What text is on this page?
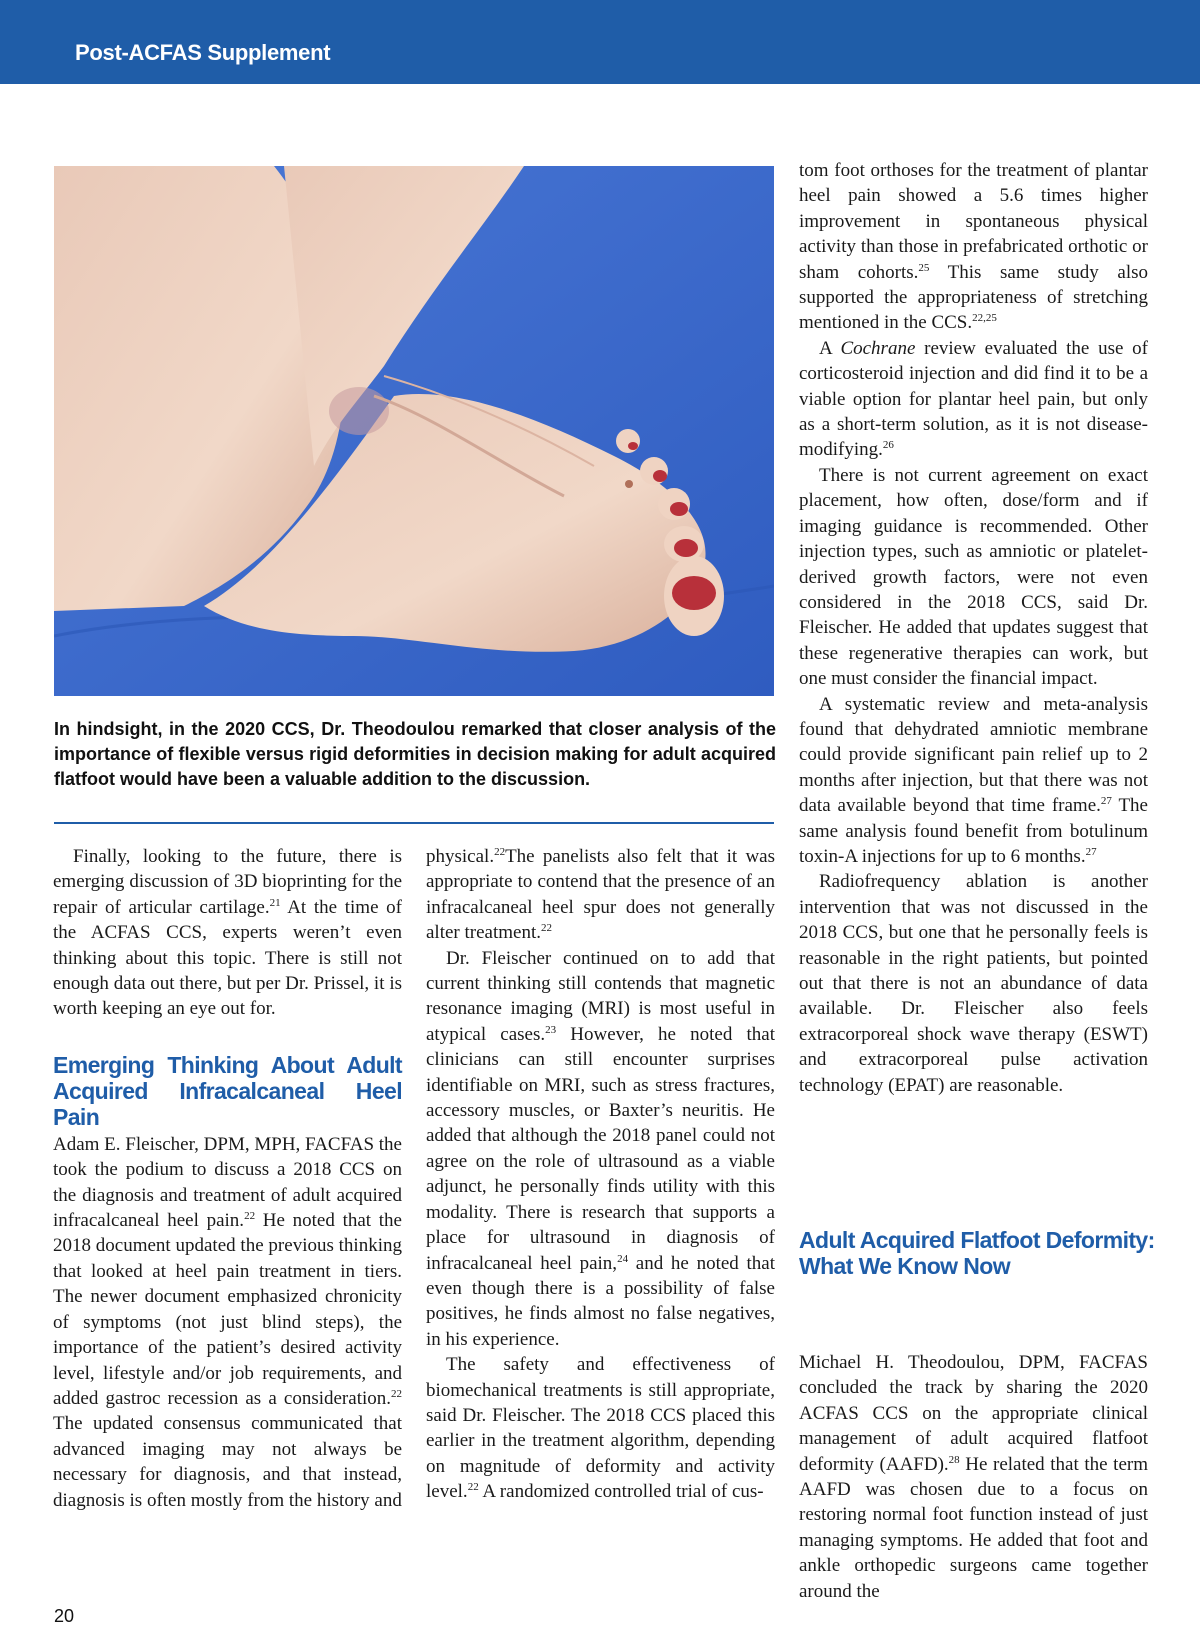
Post-ACFAS Supplement
In hindsight, in the 2020 CCS, Dr. Theodoulou remarked that closer analysis of the importance of flexible versus rigid deformities in decision making for adult acquired flatfoot would have been a valuable addition to the discussion.

Finally, looking to the future, there is emerging discussion of 3D bioprinting for the repair of articular cartilage.$^{21}$ At the time of the ACFAS CCS, experts weren’t even thinking about this topic. There is still not enough data out there, but per Dr. Prissel, it is worth keeping an eye out for.

Emerging Thinking About Adult Acquired Infracalcaneal Heel Pain

Adam E. Fleischer, DPM, MPH, FACFAS the took the podium to discuss a 2018 CCS on the diagnosis and treatment of adult acquired infracalcaneal heel pain.$^{22}$ He noted that the 2018 document updated the previous thinking that looked at heel pain treatment in tiers. The newer document emphasized chronicity of symptoms (not just blind steps), the importance of the patient’s desired activity level, lifestyle and/or job requirements, and added gastroc recession as a consideration.$^{22}$ The updated consensus communicated that advanced imaging may not always be necessary for diagnosis, and that instead, diagnosis is often mostly from the history and

physical.$^{22}$The panelists also felt that it was appropriate to contend that the presence of an infracalcaneal heel spur does not generally alter treatment.$^{22}$

Dr. Fleischer continued on to add that current thinking still contends that magnetic resonance imaging (MRI) is most useful in atypical cases.$^{23}$ However, he noted that clinicians can still encounter surprises identifiable on MRI, such as stress fractures, accessory muscles, or Baxter’s neuritis. He added that although the 2018 panel could not agree on the role of ultrasound as a viable adjunct, he personally finds utility with this modality. There is research that supports a place for ultrasound in diagnosis of infracalcaneal heel pain,$^{24}$ and he noted that even though there is a possibility of false positives, he finds almost no false negatives, in his experience.

The safety and effectiveness of biomechanical treatments is still appropriate, said Dr. Fleischer. The 2018 CCS placed this earlier in the treatment algorithm, depending on magnitude of deformity and activity level.$^{22}$ A randomized controlled trial of cus-

tom foot orthoses for the treatment of plantar heel pain showed a 5.6 times higher improvement in spontaneous physical activity than those in prefabricated orthotic or sham cohorts.$^{25}$ This same study also supported the appropriateness of stretching mentioned in the CCS.$^{22,25}$

A Cochrane review evaluated the use of corticosteroid injection and did find it to be a viable option for plantar heel pain, but only as a short-term solution, as it is not disease-modifying.$^{26}$

There is not current agreement on exact placement, how often, dose/form and if imaging guidance is recommended. Other injection types, such as amniotic or platelet-derived growth factors, were not even considered in the 2018 CCS, said Dr. Fleischer. He added that updates suggest that these regenerative therapies can work, but one must consider the financial impact.

A systematic review and meta-analysis found that dehydrated amniotic membrane could provide significant pain relief up to 2 months after injection, but that there was not data available beyond that time frame.$^{27}$ The same analysis found benefit from botulinum toxin-A injections for up to 6 months.$^{27}$

Radiofrequency ablation is another intervention that was not discussed in the 2018 CCS, but one that he personally feels is reasonable in the right patients, but pointed out that there is not an abundance of data available. Dr. Fleischer also feels extracorporeal shock wave therapy (ESWT) and extracorporeal pulse activation technology (EPAT) are reasonable.

Adult Acquired Flatfoot Deformity: What We Know Now

Michael H. Theodoulou, DPM, FACFAS concluded the track by sharing the 2020 ACFAS CCS on the appropriate clinical management of adult acquired flatfoot deformity (AAFD).$^{28}$ He related that the term AAFD was chosen due to a focus on restoring normal foot function instead of just managing symptoms. He added that foot and ankle orthopedic surgeons came together around the

20
